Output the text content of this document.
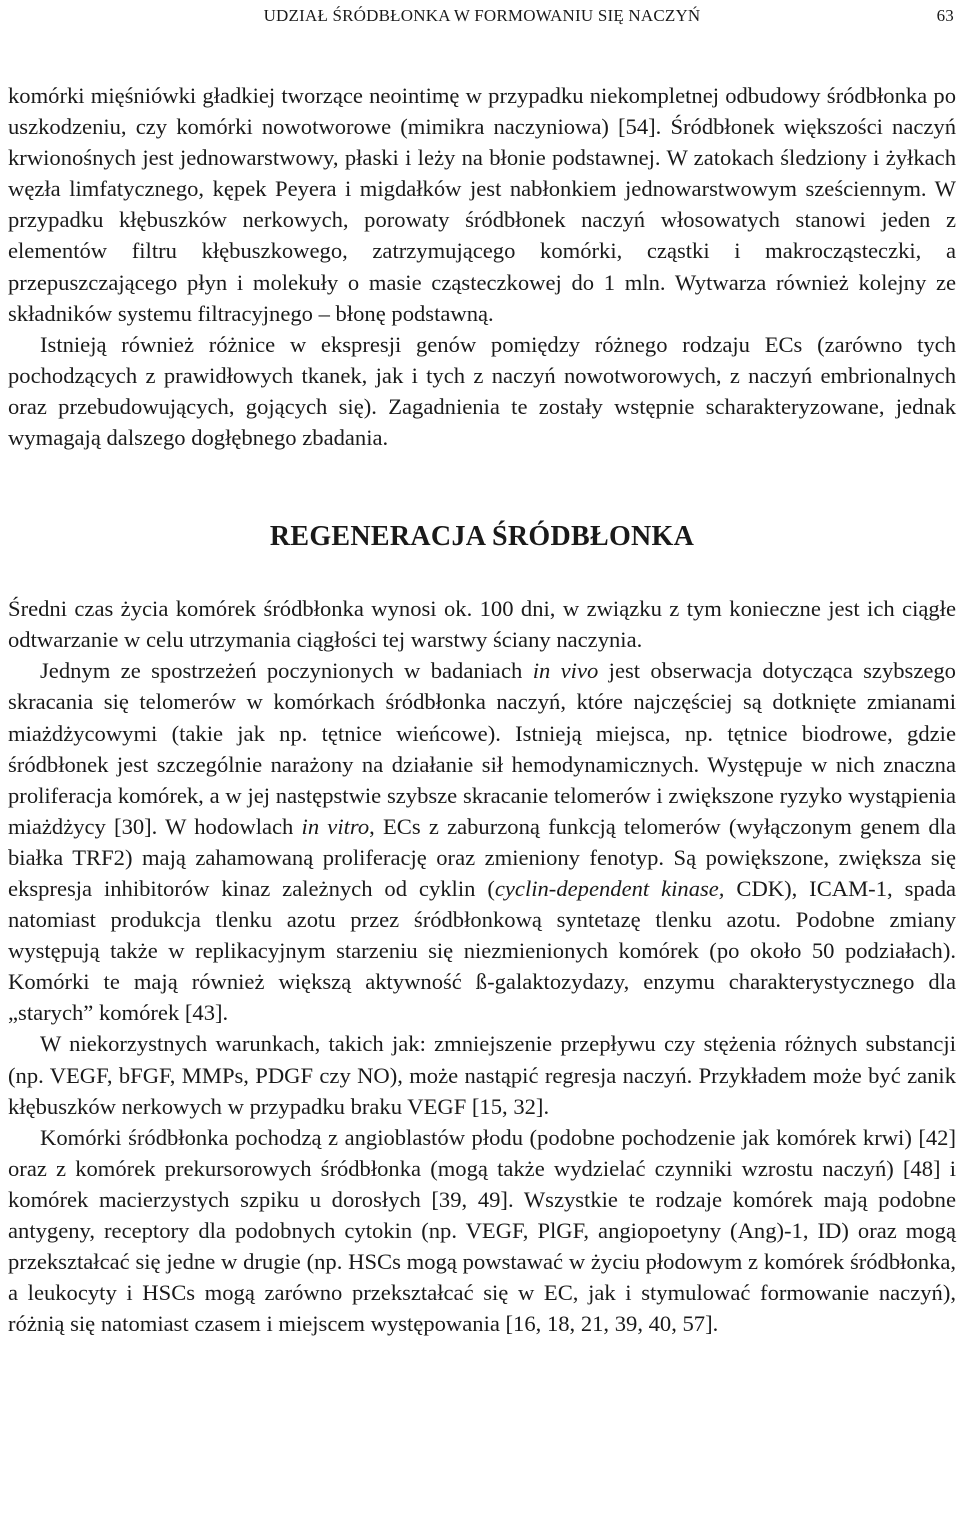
UDZIAŁ ŚRÓDBŁONKA W FORMOWANIU SIĘ NACZYŃ	63

komórki mięśniówki gładkiej tworzące neointimę w przypadku niekompletnej odbudowy śródbłonka po uszkodzeniu, czy komórki nowotworowe (mimikra naczyniowa) [54]. Śródbłonek większości naczyń krwionośnych jest jednowarstwowy, płaski i leży na błonie podstawnej. W zatokach śledziony i żyłkach węzła limfatycznego, kępek Peyera i migdałków jest nabłonkiem jednowarstwowym sześciennym. W przypadku kłębuszków nerkowych, porowaty śródbłonek naczyń włosowatych stanowi jeden z elementów filtru kłębuszkowego, zatrzymującego komórki, cząstki i makrocząsteczki, a przepuszczającego płyn i molekuły o masie cząsteczkowej do 1 mln. Wytwarza również kolejny ze składników systemu filtracyjnego – błonę podstawną.

Istnieją również różnice w ekspresji genów pomiędzy różnego rodzaju ECs (zarówno tych pochodzących z prawidłowych tkanek, jak i tych z naczyń nowotworowych, z naczyń embrionalnych oraz przebudowujących, gojących się). Zagadnienia te zostały wstępnie scharakteryzowane, jednak wymagają dalszego dogłębnego zbadania.

REGENERACJA ŚRÓDBŁONKA

Średni czas życia komórek śródbłonka wynosi ok. 100 dni, w związku z tym konieczne jest ich ciągłe odtwarzanie w celu utrzymania ciągłości tej warstwy ściany naczynia.

Jednym ze spostrzeżeń poczynionych w badaniach in vivo jest obserwacja dotycząca szybszego skracania się telomerów w komórkach śródbłonka naczyń, które najczęściej są dotknięte zmianami miażdżycowymi (takie jak np. tętnice wieńcowe). Istnieją miejsca, np. tętnice biodrowe, gdzie śródbłonek jest szczególnie narażony na działanie sił hemodynamicznych. Występuje w nich znaczna proliferacja komórek, a w jej następstwie szybsze skracanie telomerów i zwiększone ryzyko wystąpienia miażdżycy [30]. W hodowlach in vitro, ECs z zaburzoną funkcją telomerów (wyłączonym genem dla białka TRF2) mają zahamowaną proliferację oraz zmieniony fenotyp. Są powiększone, zwiększa się ekspresja inhibitorów kinaz zależnych od cyklin (cyclin-dependent kinase, CDK), ICAM-1, spada natomiast produkcja tlenku azotu przez śródbłonkową syntetazę tlenku azotu. Podobne zmiany występują także w replikacyjnym starzeniu się niezmienionych komórek (po około 50 podziałach). Komórki te mają również większą aktywność ß-galaktozydazy, enzymu charakterystycznego dla „starych” komórek [43].

W niekorzystnych warunkach, takich jak: zmniejszenie przepływu czy stężenia różnych substancji (np. VEGF, bFGF, MMPs, PDGF czy NO), może nastąpić regresja naczyń. Przykładem może być zanik kłębuszków nerkowych w przypadku braku VEGF [15, 32].

Komórki śródbłonka pochodzą z angioblastów płodu (podobne pochodzenie jak komórek krwi) [42] oraz z komórek prekursorowych śródbłonka (mogą także wydzielać czynniki wzrostu naczyń) [48] i komórek macierzystych szpiku u dorosłych [39, 49]. Wszystkie te rodzaje komórek mają podobne antygeny, receptory dla podobnych cytokin (np. VEGF, PlGF, angiopoetyny (Ang)-1, ID) oraz mogą przekształcać się jedne w drugie (np. HSCs mogą powstawać w życiu płodowym z komórek śródbłonka, a leukocyty i HSCs mogą zarówno przekształcać się w EC, jak i stymulować formowanie naczyń), różnią się natomiast czasem i miejscem występowania [16, 18, 21, 39, 40, 57].
